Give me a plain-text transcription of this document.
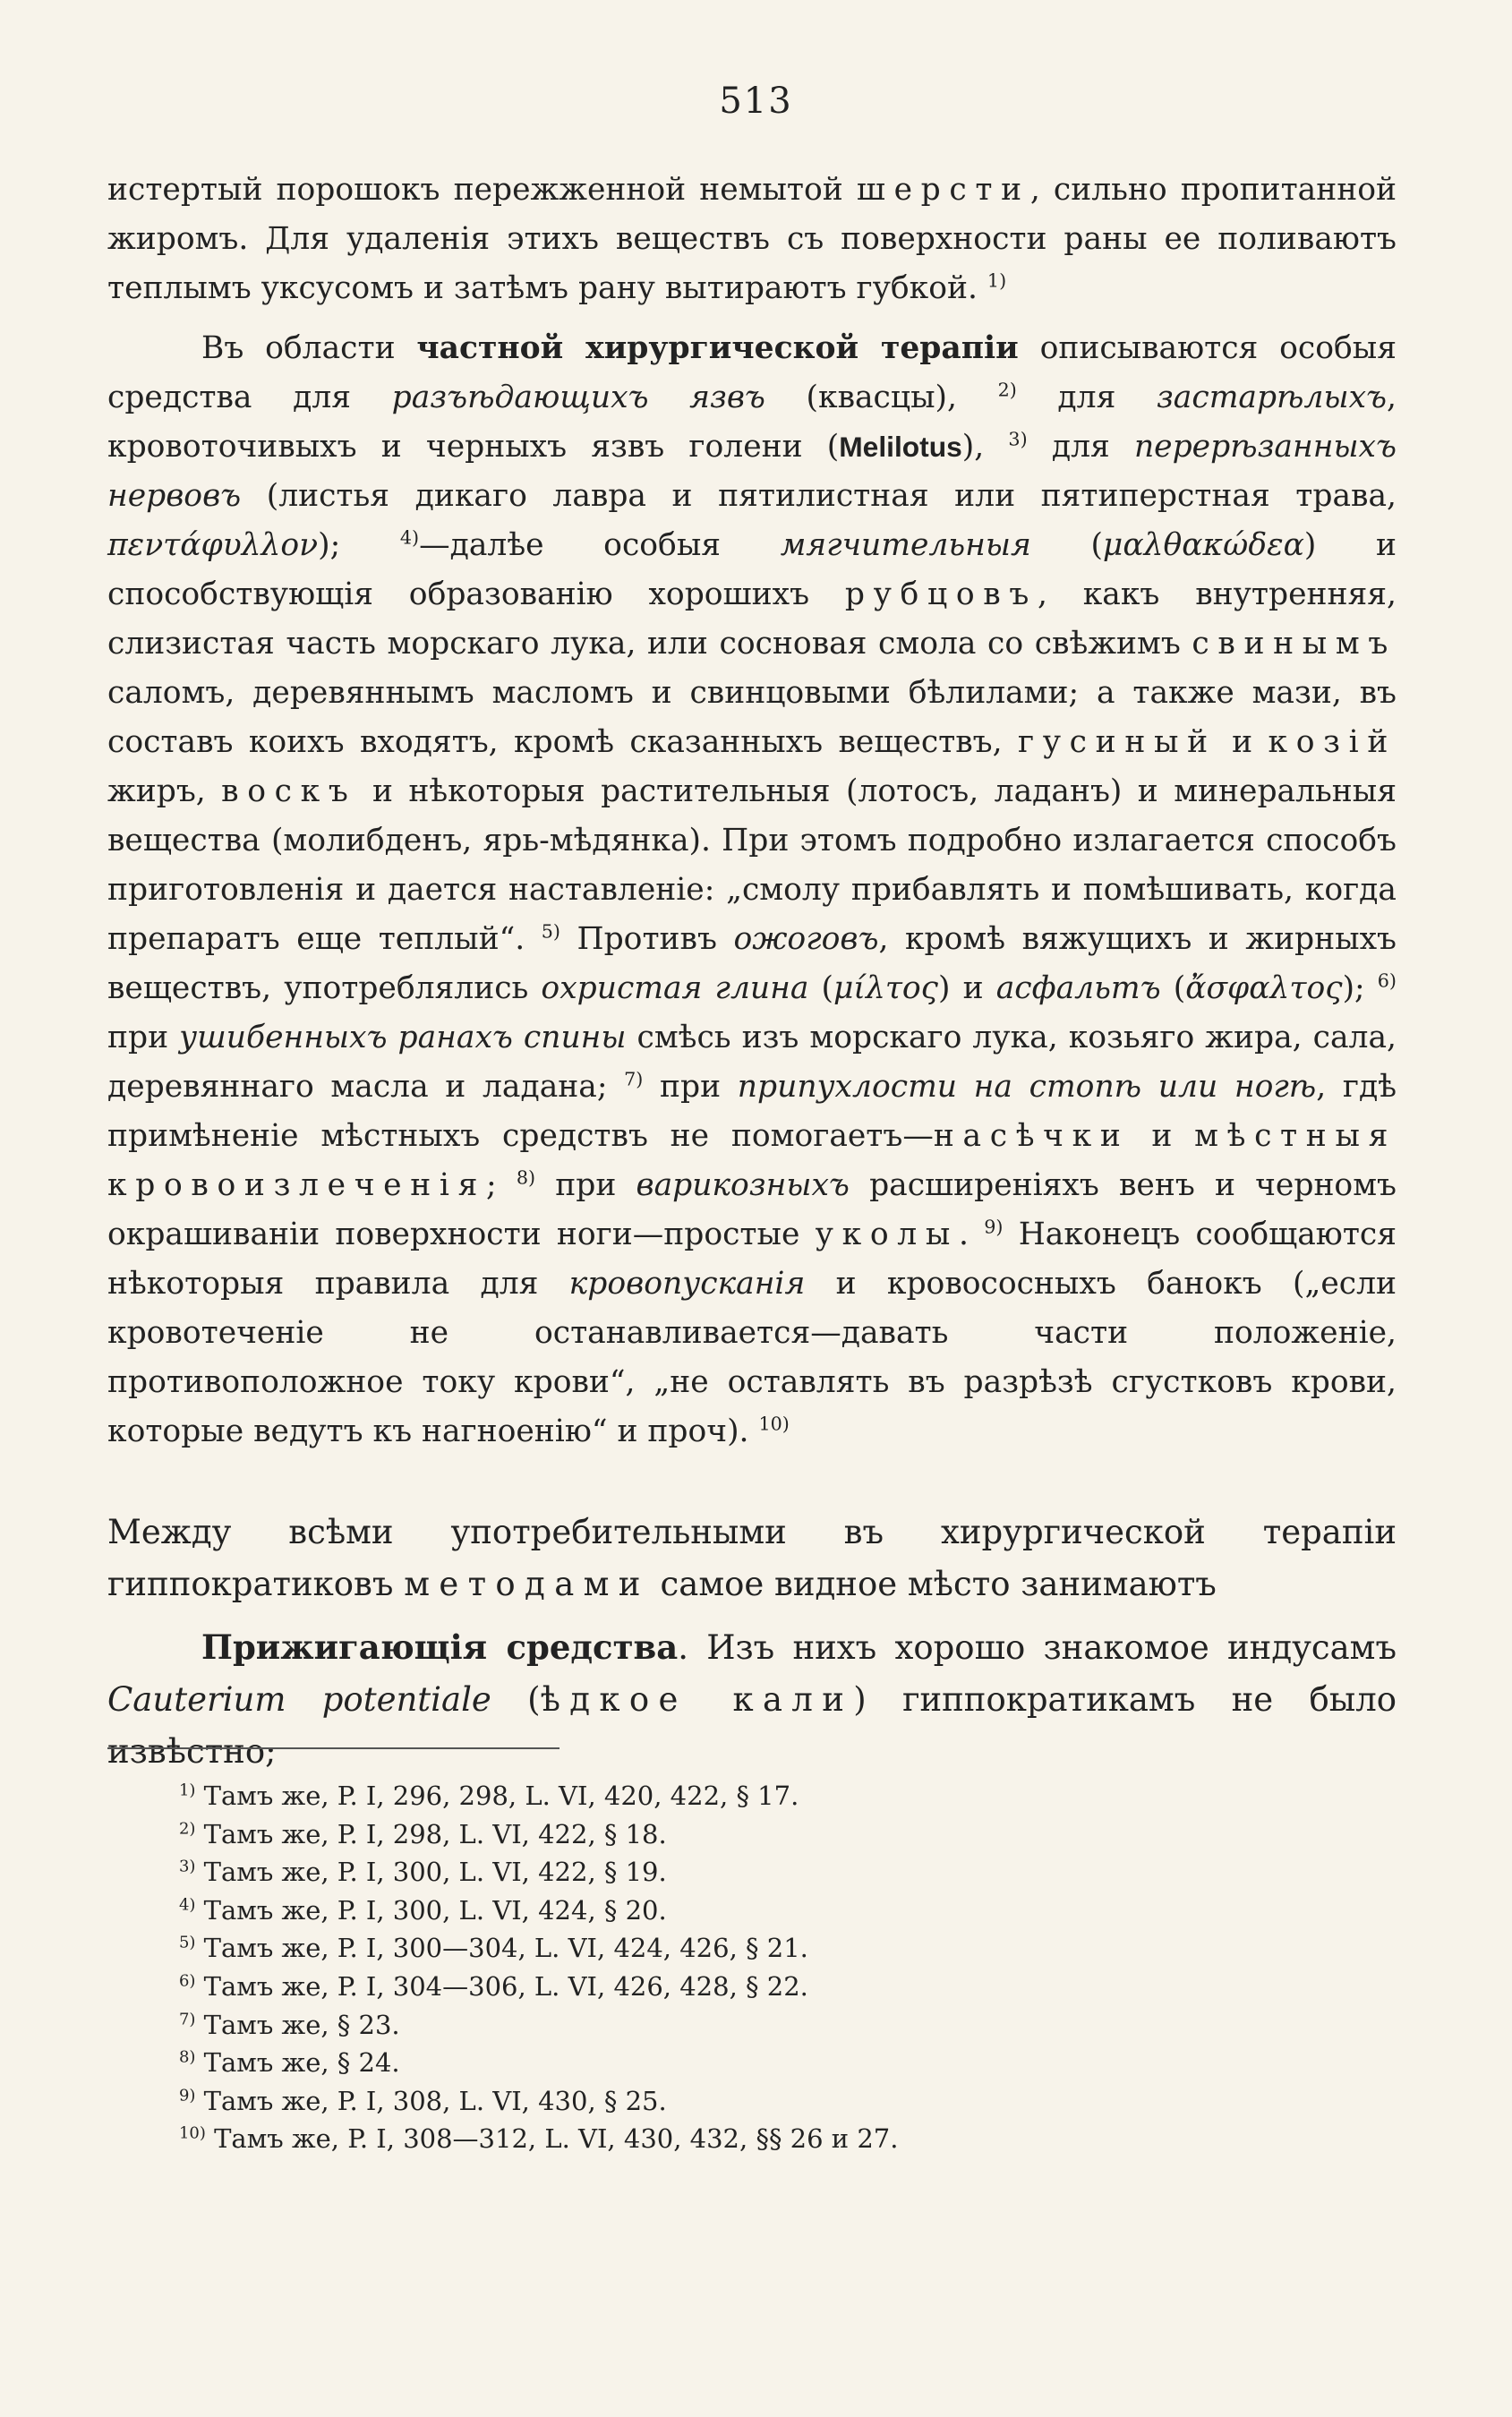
513

истертый порошокъ пережженной немытой шерсти, сильно пропитанной жиромъ. Для удаленія этихъ веществъ съ поверхности раны ее поливаютъ теплымъ уксусомъ и затѣмъ рану вытираютъ губкой. $^{1)}$

Въ области частной хирургической терапіи описываются особыя средства для разъѣдающихъ язвъ (квасцы), $^{2)}$ для застарѣлыхъ, кровоточивыхъ и черныхъ язвъ голени (Melilotus), $^{3)}$ для перерѣзанныхъ нервовъ (листья дикаго лавра и пятилистная или пятиперстная трава, πεντάφυλλον); $^{4)}$—далѣе особыя мягчительныя (μαλθακώδεα) и способствующія образованію хорошихъ рубцовъ, какъ внутренняя, слизистая часть морскаго лука, или сосновая смола со свѣжимъ свинымъ саломъ, деревяннымъ масломъ и свинцовыми бѣлилами; а также мази, въ составъ коихъ входятъ, кромѣ сказанныхъ веществъ, гусиный и козій жиръ, воскъ и нѣкоторыя растительныя (лотосъ, ладанъ) и минеральныя вещества (молибденъ, ярь-мѣдянка). При этомъ подробно излагается способъ приготовленія и дается наставленіе: „смолу прибавлять и помѣшивать, когда препаратъ еще теплый“. $^{5)}$ Противъ ожоговъ, кромѣ вяжущихъ и жирныхъ веществъ, употреблялись охристая глина (μίλτος) и асфальтъ (ἄσφαλτος); $^{6)}$ при ушибенныхъ ранахъ спины смѣсь изъ морскаго лука, козьяго жира, сала, деревяннаго масла и ладана; $^{7)}$ при припухлости на стопѣ или ногѣ, гдѣ примѣненіе мѣстныхъ средствъ не помогаетъ—насѣчки и мѣстныя кровоизлеченія; $^{8)}$ при варикозныхъ расширеніяхъ венъ и черномъ окрашиваніи поверхности ноги—простые уколы. $^{9)}$ Наконецъ сообщаются нѣкоторыя правила для кровопусканія и кровососныхъ банокъ („если кровотеченіе не останавливается—давать части положеніе, противоположное току крови“, „не оставлять въ разрѣзѣ сгустковъ крови, которые ведутъ къ нагноенію“ и проч). $^{10)}$

Между всѣми употребительными въ хирургической терапіи гиппократиковъ методами самое видное мѣсто занимаютъ

Прижигающія средства. Изъ нихъ хорошо знакомое индусамъ Cauterium potentiale (ѣдкое кали) гиппократикамъ не было извѣстно;

$^{1)}$ Тамъ же, P. I, 296, 298, L. VI, 420, 422, § 17.
$^{2)}$ Тамъ же, P. I, 298, L. VI, 422, § 18.
$^{3)}$ Тамъ же, P. I, 300, L. VI, 422, § 19.
$^{4)}$ Тамъ же, P. I, 300, L. VI, 424, § 20.
$^{5)}$ Тамъ же, P. I, 300—304, L. VI, 424, 426, § 21.
$^{6)}$ Тамъ же, P. I, 304—306, L. VI, 426, 428, § 22.
$^{7)}$ Тамъ же, § 23.
$^{8)}$ Тамъ же, § 24.
$^{9)}$ Тамъ же, P. I, 308, L. VI, 430, § 25.
$^{10)}$ Тамъ же, P. I, 308—312, L. VI, 430, 432, §§ 26 и 27.
